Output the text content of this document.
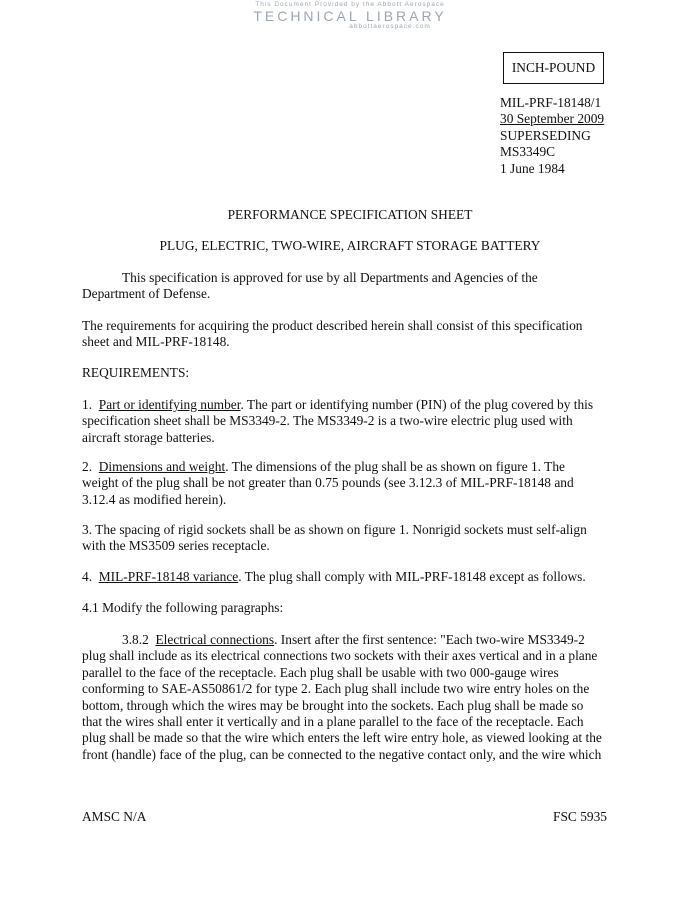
This Document Provided by the Abbott Aerospace
TECHNICAL LIBRARY
abbottaerospace.com
INCH-POUND
MIL-PRF-18148/1
30 September 2009
SUPERSEDING
MS3349C
1 June 1984
PERFORMANCE SPECIFICATION SHEET
PLUG, ELECTRIC, TWO-WIRE, AIRCRAFT STORAGE BATTERY
This specification is approved for use by all Departments and Agencies of the
Department of Defense.
The requirements for acquiring the product described herein shall consist of this specification
sheet and MIL-PRF-18148.
REQUIREMENTS:
1. Part or identifying number. The part or identifying number (PIN) of the plug covered by this
specification sheet shall be MS3349-2. The MS3349-2 is a two-wire electric plug used with
aircraft storage batteries.
2. Dimensions and weight. The dimensions of the plug shall be as shown on figure 1. The
weight of the plug shall be not greater than 0.75 pounds (see 3.12.3 of MIL-PRF-18148 and
3.12.4 as modified herein).
3. The spacing of rigid sockets shall be as shown on figure 1. Nonrigid sockets must self-align
with the MS3509 series receptacle.
4. MIL-PRF-18148 variance. The plug shall comply with MIL-PRF-18148 except as follows.
4.1 Modify the following paragraphs:
3.8.2 Electrical connections. Insert after the first sentence: "Each two-wire MS3349-2
plug shall include as its electrical connections two sockets with their axes vertical and in a plane
parallel to the face of the receptacle. Each plug shall be usable with two 000-gauge wires
conforming to SAE-AS50861/2 for type 2. Each plug shall include two wire entry holes on the
bottom, through which the wires may be brought into the sockets. Each plug shall be made so
that the wires shall enter it vertically and in a plane parallel to the face of the receptacle. Each
plug shall be made so that the wire which enters the left wire entry hole, as viewed looking at the
front (handle) face of the plug, can be connected to the negative contact only, and the wire which
AMSC N/A	FSC 5935
